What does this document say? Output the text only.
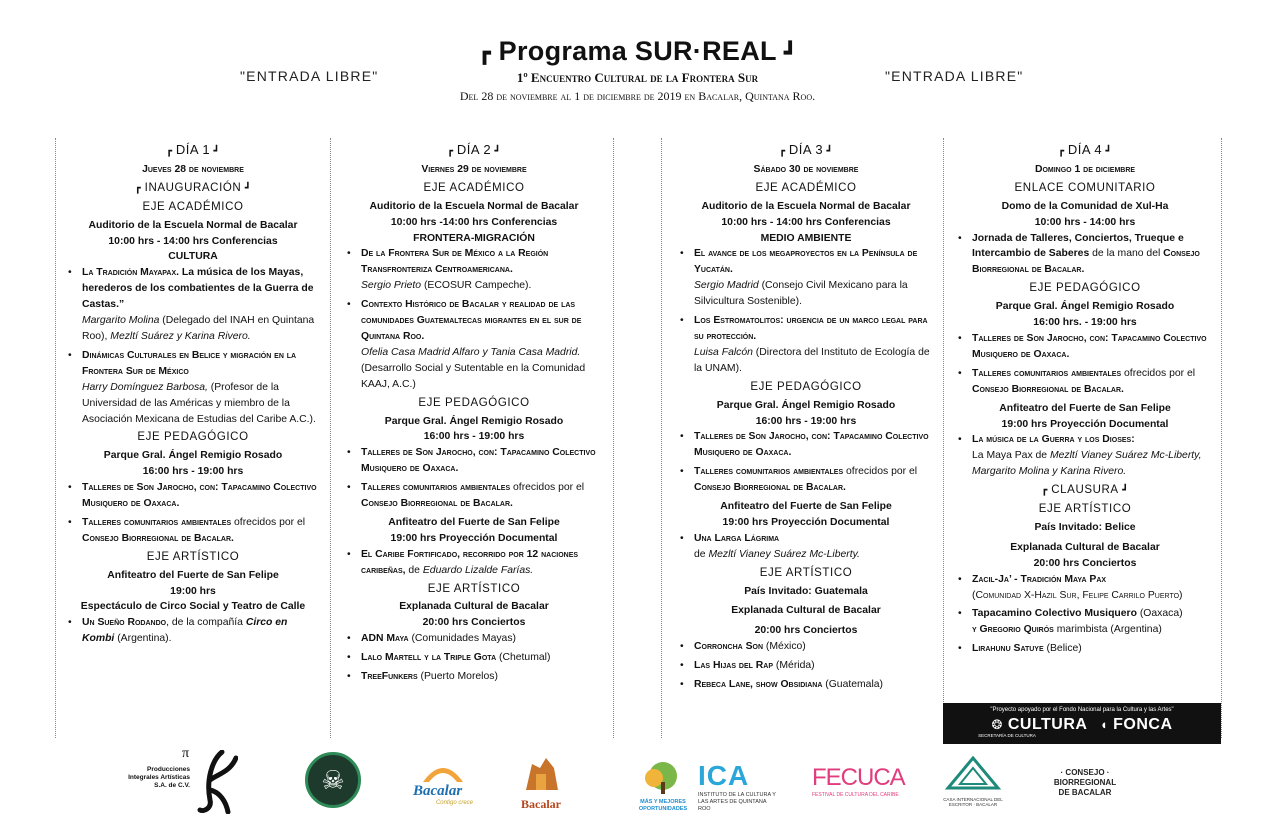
┏ Programa SUR·REAL ┛
"ENTRADA LIBRE"	"ENTRADA LIBRE"
1º Encuentro Cultural de la Frontera Sur
Del 28 de noviembre al 1 de diciembre de 2019 en Bacalar, Quintana Roo.
┏ DÍA 1 ┛
Jueves 28 de noviembre
┏ INAUGURACIÓN ┛
EJE ACADÉMICO
Auditorio de la Escuela Normal de Bacalar
10:00 hrs - 14:00 hrs Conferencias
CULTURA
• La Tradición Mayapax. La música de los Mayas, herederos de los combatientes de la Guerra de Castas.”
Margarito Molina (Delegado del INAH en Quintana Roo), Mezltí Suárez y Karina Rivero.
• Dinámicas Culturales en Belice y migración en la Frontera Sur de México
Harry Domínguez Barbosa, (Profesor de la Universidad de las Américas y miembro de la Asociación Mexicana de Estudias del Caribe A.C.).
EJE PEDAGÓGICO
Parque Gral. Ángel Remigio Rosado
16:00 hrs - 19:00 hrs
• Talleres de Son Jarocho, con: Tapacamino Colectivo Musiquero de Oaxaca.
• Talleres comunitarios ambientales ofrecidos por el Consejo Biorregional de Bacalar.
EJE ARTÍSTICO
Anfiteatro del Fuerte de San Felipe
19:00 hrs
Espectáculo de Circo Social y Teatro de Calle
• Un Sueño Rodando, de la compañía Circo en Kombi (Argentina).
┏ DÍA 2 ┛
Viernes 29 de noviembre
EJE ACADÉMICO
Auditorio de la Escuela Normal de Bacalar
10:00 hrs -14:00 hrs Conferencias
FRONTERA-MIGRACIÓN
• De la Frontera Sur de México a la Región Transfronteriza Centroamericana.
Sergio Prieto (ECOSUR Campeche).
• Contexto Histórico de Bacalar y realidad de las comunidades Guatemaltecas migrantes en el sur de Quintana Roo.
Ofelia Casa Madrid Alfaro y Tania Casa Madrid. (Desarrollo Social y Sutentable en la Comunidad KAAJ, A.C.)
EJE PEDAGÓGICO
Parque Gral. Ángel Remigio Rosado
16:00 hrs - 19:00 hrs
• Talleres de Son Jarocho, con: Tapacamino Colectivo Musiquero de Oaxaca.
• Talleres comunitarios ambientales ofrecidos por el Consejo Biorregional de Bacalar.
Anfiteatro del Fuerte de San Felipe
19:00 hrs Proyección Documental
• El Caribe Fortificado, recorrido por 12 naciones caribeñas, de Eduardo Lizalde Farías.
EJE ARTÍSTICO
Explanada Cultural de Bacalar
20:00 hrs Conciertos
• ADN Maya (Comunidades Mayas)
• Lalo Martell y la Triple Gota (Chetumal)
• TreeFunkers (Puerto Morelos)
┏ DÍA 3 ┛
Sábado 30 de noviembre
EJE ACADÉMICO
Auditorio de la Escuela Normal de Bacalar
10:00 hrs - 14:00 hrs Conferencias
MEDIO AMBIENTE
• El avance de los megaproyectos en la Península de Yucatán.
Sergio Madrid (Consejo Civil Mexicano para la Silvicultura Sostenible).
• Los Estromatolitos: urgencia de un marco legal para su protección.
Luisa Falcón (Directora del Instituto de Ecología de la UNAM).
EJE PEDAGÓGICO
Parque Gral. Ángel Remigio Rosado
16:00 hrs - 19:00 hrs
• Talleres de Son Jarocho, con: Tapacamino Colectivo Musiquero de Oaxaca.
• Talleres comunitarios ambientales ofrecidos por el Consejo Biorregional de Bacalar.
Anfiteatro del Fuerte de San Felipe
19:00 hrs Proyección Documental
• Una Larga Lágrima
de Mezltí Vianey Suárez Mc-Liberty.
EJE ARTÍSTICO
País Invitado: Guatemala
Explanada Cultural de Bacalar
20:00 hrs Conciertos
• Corroncha Son (México)
• Las Hijas del Rap (Mérida)
• Rebeca Lane, show Obsidiana (Guatemala)
┏ DÍA 4 ┛
Domingo 1 de diciembre
ENLACE COMUNITARIO
Domo de la Comunidad de Xul-Ha
10:00 hrs - 14:00 hrs
• Jornada de Talleres, Conciertos, Trueque e Intercambio de Saberes de la mano del Consejo Biorregional de Bacalar.
EJE PEDAGÓGICO
Parque Gral. Ángel Remigio Rosado
16:00 hrs. - 19:00 hrs
• Talleres de Son Jarocho, con: Tapacamino Colectivo Musiquero de Oaxaca.
• Talleres comunitarios ambientales ofrecidos por el Consejo Biorregional de Bacalar.
Anfiteatro del Fuerte de San Felipe
19:00 hrs Proyección Documental
• La música de la Guerra y los Dioses:
La Maya Pax de Mezltí Vianey Suárez Mc-Liberty, Margarito Molina y Karina Rivero.
┏ CLAUSURA ┛
EJE ARTÍSTICO
País Invitado: Belice
Explanada Cultural de Bacalar
20:00 hrs Conciertos
• Zacil-Ja’ - Tradición Maya Pax
(Comunidad X-Hazil Sur, Felipe Carrilo Puerto)
• Tapacamino Colectivo Musiquero (Oaxaca)
y Gregorio Quirós marimbista (Argentina)
• Lirahunu Satuye (Belice)
"Proyecto apoyado por el Fondo Nacional para la Cultura y las Artes"
❂ CULTURA ◖ FONCA
SECRETARÍA DE CULTURA
π
Producciones Integrales Artísticas S.A. de C.V.	☠	Bacalar
Contigo crece	Bacalar	MÁS Y MEJORES OPORTUNIDADES
ICA
INSTITUTO DE LA CULTURA Y LAS ARTES DE QUINTANA ROO
FECUCA
FESTIVAL DE CULTURA DEL CARIBE
CASA INTERNACIONAL DEL ESCRITOR · BACALAR
· CONSEJO · BIORREGIONAL DE BACALAR
